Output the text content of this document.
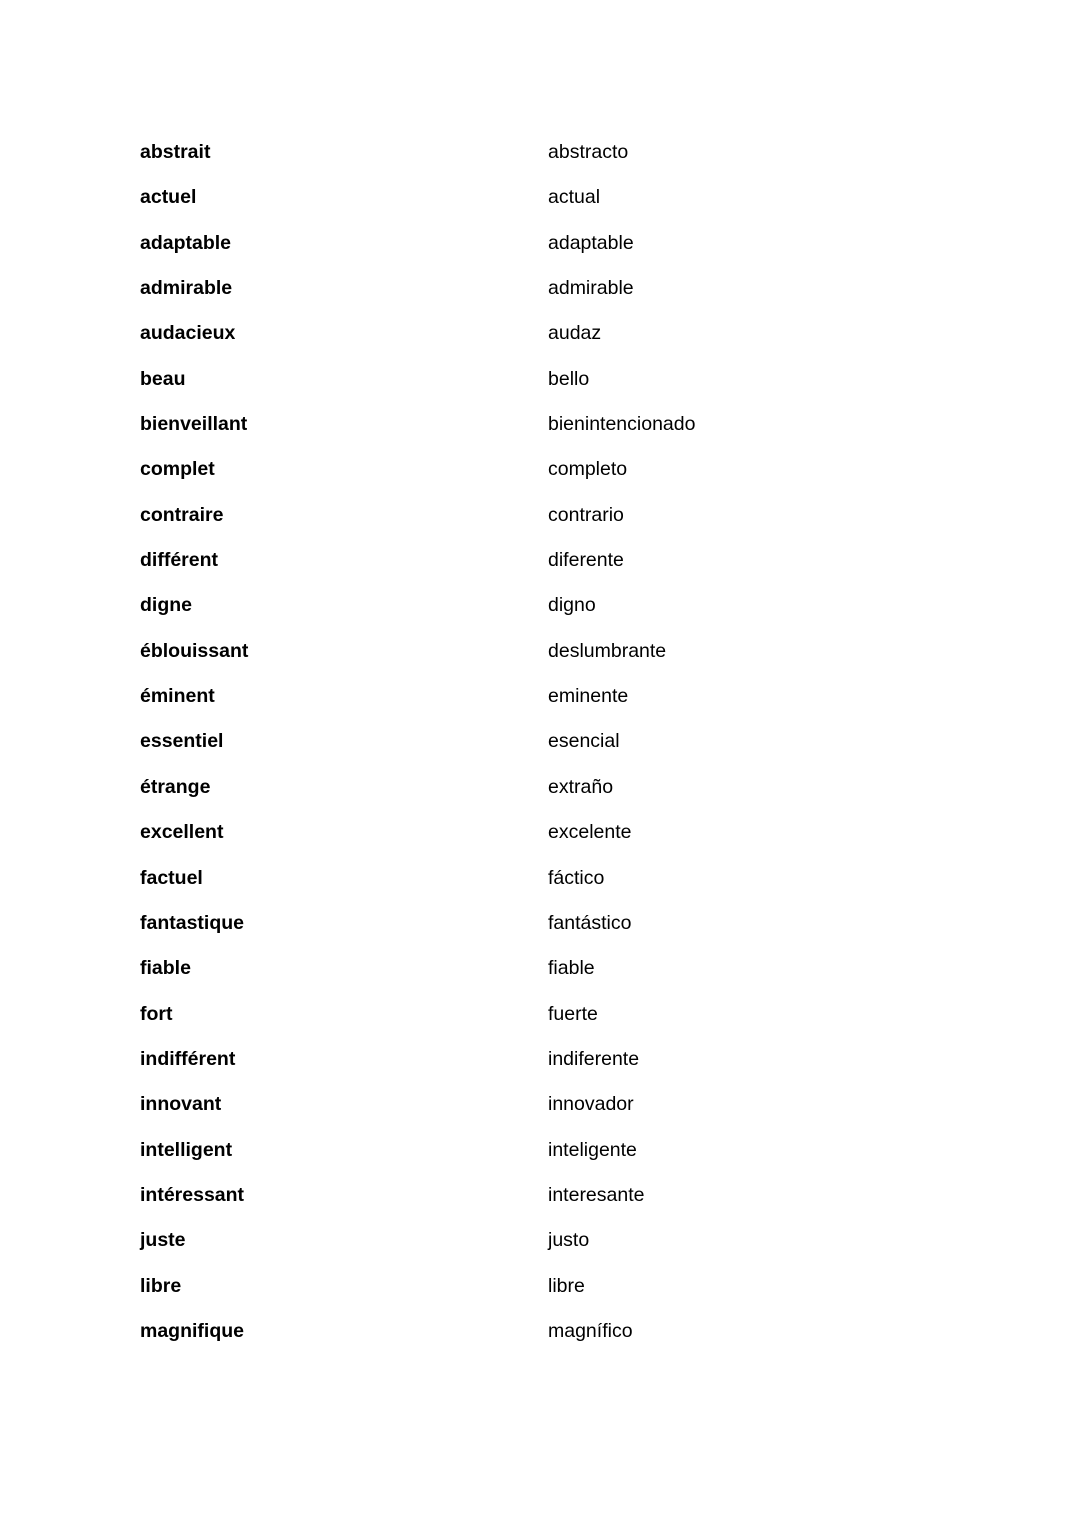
abstrait	abstracto
actuel	actual
adaptable	adaptable
admirable	admirable
audacieux	audaz
beau	bello
bienveillant	bienintencionado
complet	completo
contraire	contrario
différent	diferente
digne	digno
éblouissant	deslumbrante
éminent	eminente
essentiel	esencial
étrange	extraño
excellent	excelente
factuel	fáctico
fantastique	fantástico
fiable	fiable
fort	fuerte
indifférent	indiferente
innovant	innovador
intelligent	inteligente
intéressant	interesante
juste	justo
libre	libre
magnifique	magnífico
